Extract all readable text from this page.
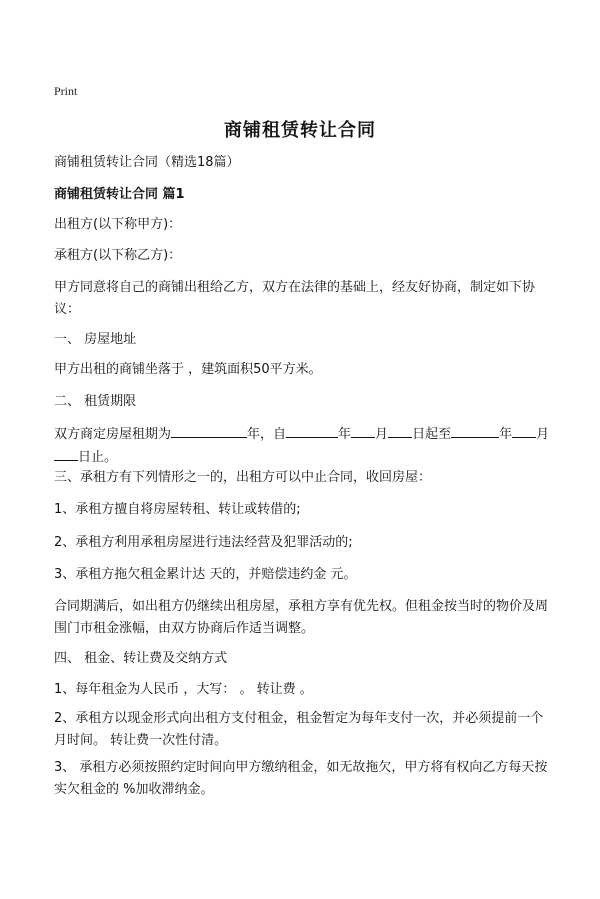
Print
商铺租赁转让合同
商铺租赁转让合同（精选18篇）
商铺租赁转让合同 篇1
出租方(以下称甲方)：
承租方(以下称乙方)：
甲方同意将自己的商铺出租给乙方，双方在法律的基础上，经友好协商，制定如下协议：
一、 房屋地址
甲方出租的商铺坐落于 ，建筑面积50平方米。
二、 租赁期限
双方商定房屋租期为	年，自	年 月 日起至	年 月日止。
三、承租方有下列情形之一的，出租方可以中止合同，收回房屋：
1、承租方擅自将房屋转租、转让或转借的;
2、承租方利用承租房屋进行违法经营及犯罪活动的;
3、承租方拖欠租金累计达 天的，并赔偿违约金 元。
合同期满后，如出租方仍继续出租房屋，承租方享有优先权。但租金按当时的物价及周围门市租金涨幅，由双方协商后作适当调整。
四、 租金、转让费及交纳方式
1、每年租金为人民币 ，大写： 。 转让费 。
2、承租方以现金形式向出租方支付租金，租金暂定为每年支付一次，并必须提前一个月时间。 转让费一次性付清。
3、 承租方必须按照约定时间向甲方缴纳租金，如无故拖欠，甲方将有权向乙方每天按实欠租金的 %加收滞纳金。
